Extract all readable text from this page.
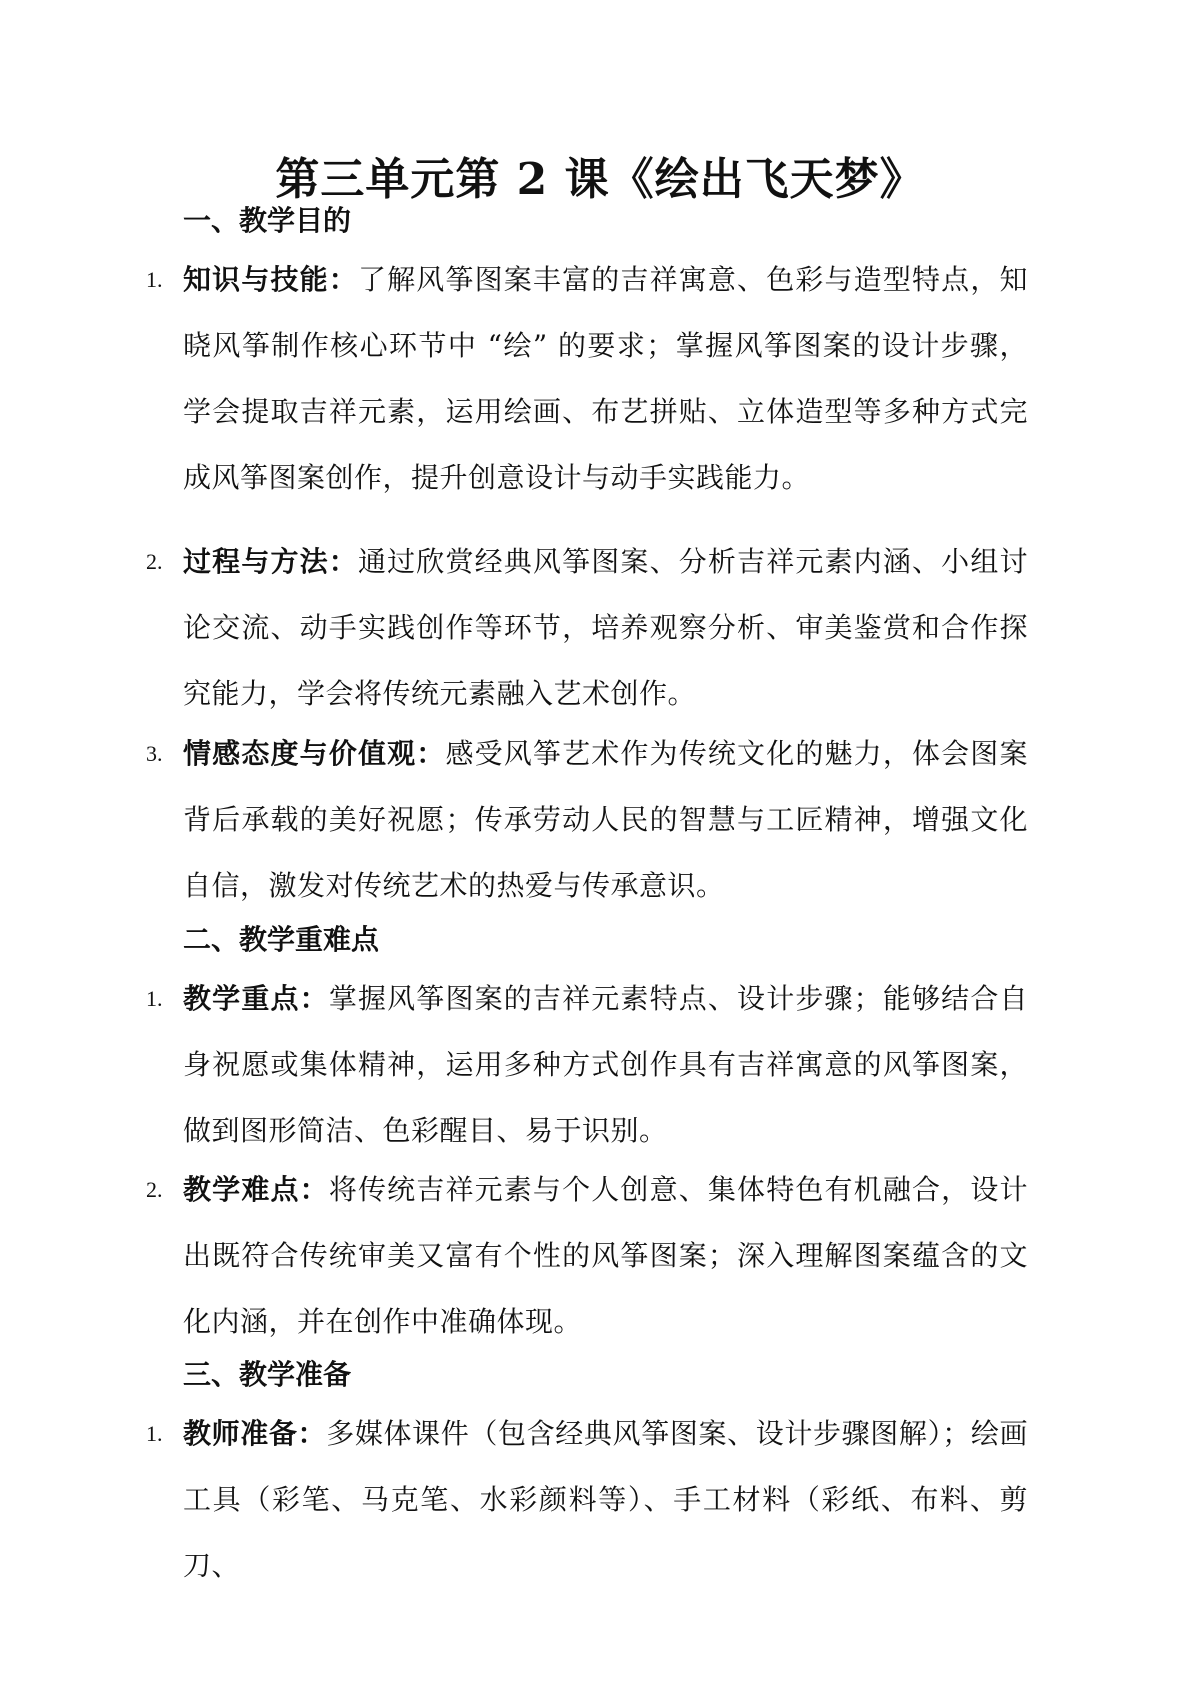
第三单元第 2 课《绘出飞天梦》
一、教学目的
1. 知识与技能：了解风筝图案丰富的吉祥寓意、色彩与造型特点，知晓风筝制作核心环节中 “绘” 的要求；掌握风筝图案的设计步骤，学会提取吉祥元素，运用绘画、布艺拼贴、立体造型等多种方式完成风筝图案创作，提升创意设计与动手实践能力。
2. 过程与方法：通过欣赏经典风筝图案、分析吉祥元素内涵、小组讨论交流、动手实践创作等环节，培养观察分析、审美鉴赏和合作探究能力，学会将传统元素融入艺术创作。
3. 情感态度与价值观：感受风筝艺术作为传统文化的魅力，体会图案背后承载的美好祝愿；传承劳动人民的智慧与工匠精神，增强文化自信，激发对传统艺术的热爱与传承意识。
二、教学重难点
1. 教学重点：掌握风筝图案的吉祥元素特点、设计步骤；能够结合自身祝愿或集体精神，运用多种方式创作具有吉祥寓意的风筝图案，做到图形简洁、色彩醒目、易于识别。
2. 教学难点：将传统吉祥元素与个人创意、集体特色有机融合，设计出既符合传统审美又富有个性的风筝图案；深入理解图案蕴含的文化内涵，并在创作中准确体现。
三、教学准备
1. 教师准备：多媒体课件（包含经典风筝图案、设计步骤图解）；绘画工具（彩笔、马克笔、水彩颜料等）、手工材料（彩纸、布料、剪刀、
